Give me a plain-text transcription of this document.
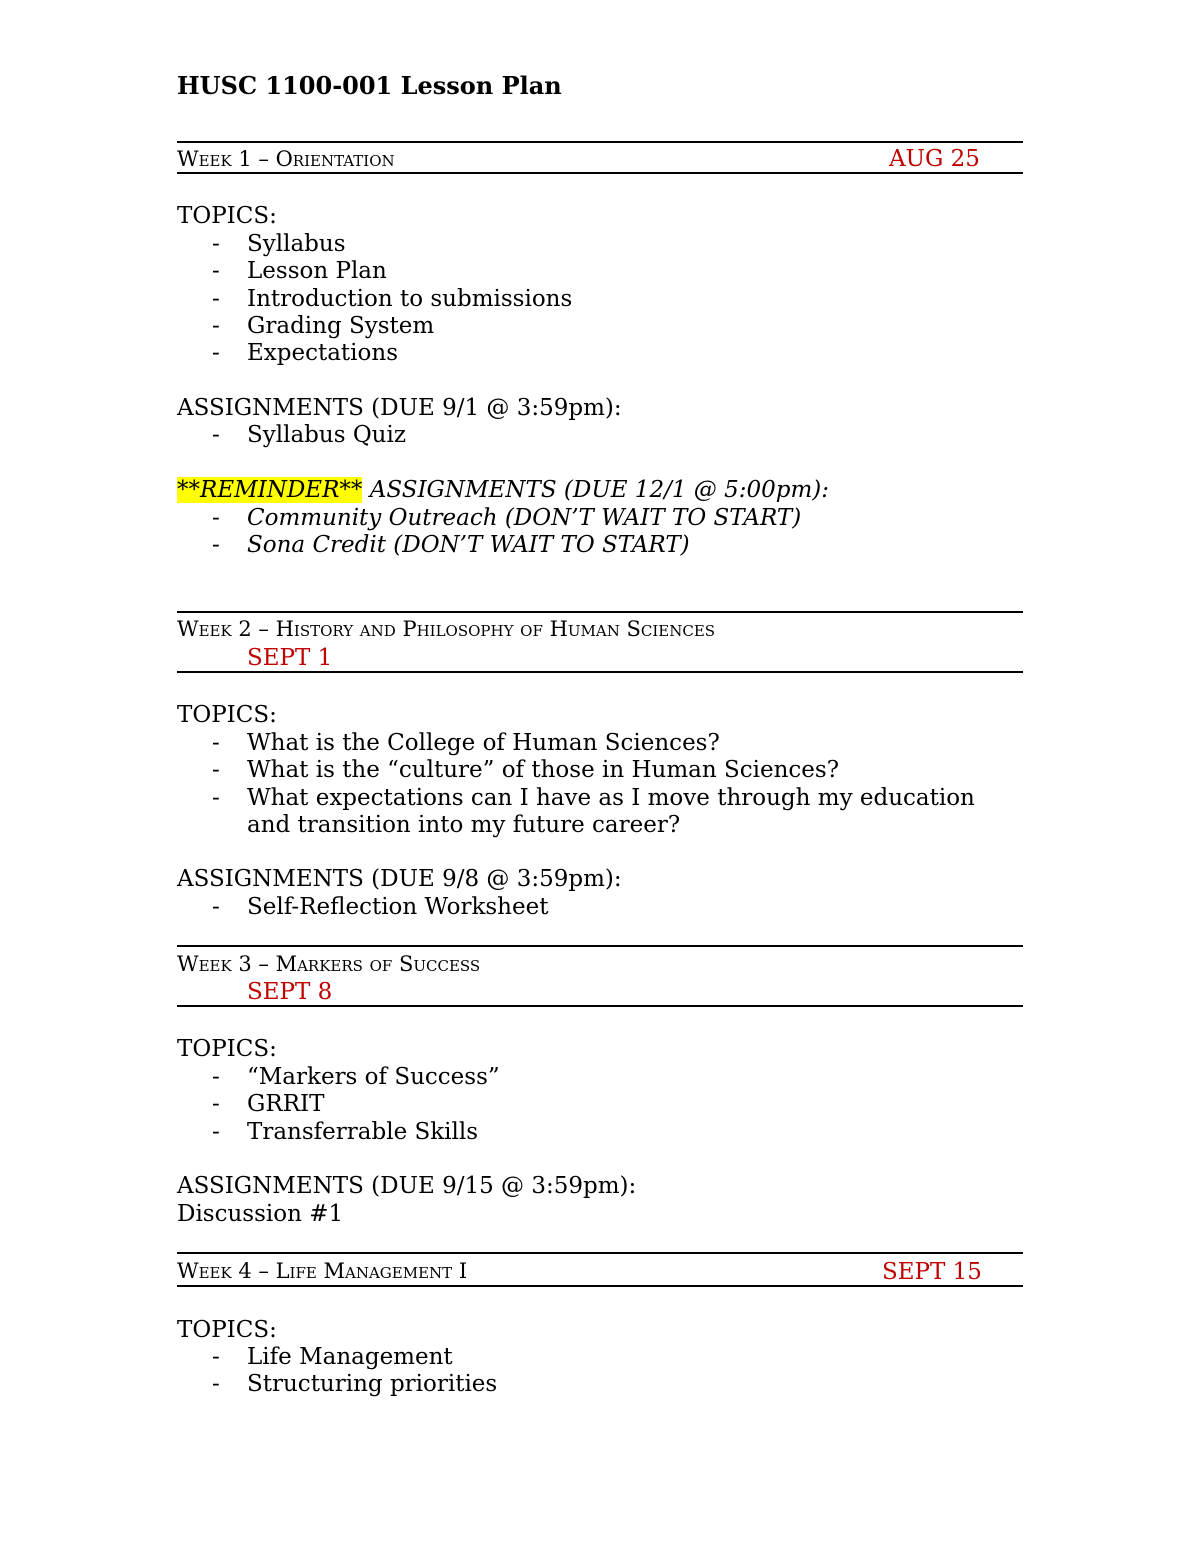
HUSC 1100-001 Lesson Plan
Week 1 – Orientation	AUG 25
TOPICS:
- Syllabus
- Lesson Plan
- Introduction to submissions
- Grading System
- Expectations
ASSIGNMENTS (DUE 9/1 @ 3:59pm):
- Syllabus Quiz
**REMINDER** ASSIGNMENTS (DUE 12/1 @ 5:00pm):
- Community Outreach (DON’T WAIT TO START)
- Sona Credit (DON’T WAIT TO START)
Week 2 – History and Philosophy of Human Sciences
SEPT 1
TOPICS:
- What is the College of Human Sciences?
- What is the “culture” of those in Human Sciences?
- What expectations can I have as I move through my education
and transition into my future career?
ASSIGNMENTS (DUE 9/8 @ 3:59pm):
- Self-Reflection Worksheet
Week 3 – Markers of Success
SEPT 8
TOPICS:
- “Markers of Success”
- GRRIT
- Transferrable Skills
ASSIGNMENTS (DUE 9/15 @ 3:59pm):
Discussion #1
Week 4 – Life Management I	SEPT 15
TOPICS:
- Life Management
- Structuring priorities
